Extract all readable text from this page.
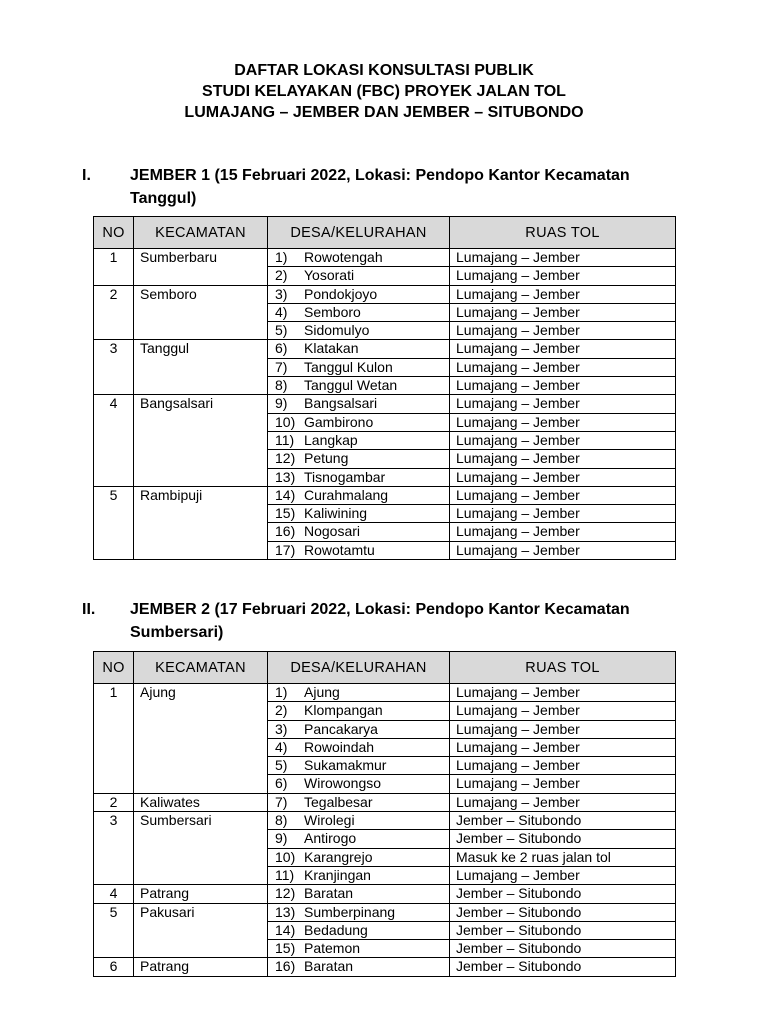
DAFTAR LOKASI KONSULTASI PUBLIK
STUDI KELAYAKAN (FBC) PROYEK JALAN TOL
LUMAJANG – JEMBER DAN JEMBER – SITUBONDO
I. JEMBER 1 (15 Februari 2022, Lokasi: Pendopo Kantor Kecamatan Tanggul)
NO	KECAMATAN	DESA/KELURAHAN	RUAS TOL
1	Sumberbaru	1) Rowotengah	Lumajang – Jember

		2) Yosorati	Lumajang – Jember
2	Semboro	3) Pondokjoyo	Lumajang – Jember

		4) Semboro	Lumajang – Jember

		5) Sidomulyo	Lumajang – Jember
3	Tanggul	6) Klatakan	Lumajang – Jember

		7) Tanggul Kulon	Lumajang – Jember

		8) Tanggul Wetan	Lumajang – Jember
4	Bangsalsari	9) Bangsalsari	Lumajang – Jember

		10) Gambirono	Lumajang – Jember

		11) Langkap	Lumajang – Jember

		12) Petung	Lumajang – Jember

		13) Tisnogambar	Lumajang – Jember
5	Rambipuji	14) Curahmalang	Lumajang – Jember

		15) Kaliwining	Lumajang – Jember

		16) Nogosari	Lumajang – Jember

		17) Rowotamtu	Lumajang – Jember
II. JEMBER 2 (17 Februari 2022, Lokasi: Pendopo Kantor Kecamatan Sumbersari)
NO	KECAMATAN	DESA/KELURAHAN	RUAS TOL
1	Ajung	1) Ajung	Lumajang – Jember

		2) Klompangan	Lumajang – Jember

		3) Pancakarya	Lumajang – Jember

		4) Rowoindah	Lumajang – Jember

		5) Sukamakmur	Lumajang – Jember

		6) Wirowongso	Lumajang – Jember
2	Kaliwates	7) Tegalbesar	Lumajang – Jember
3	Sumbersari	8) Wirolegi	Jember – Situbondo

		9) Antirogo	Jember – Situbondo

		10) Karangrejo	Masuk ke 2 ruas jalan tol

		11) Kranjingan	Lumajang – Jember
4	Patrang	12) Baratan	Jember – Situbondo
5	Pakusari	13) Sumberpinang	Jember – Situbondo

		14) Bedadung	Jember – Situbondo

		15) Patemon	Jember – Situbondo
6	Patrang	16) Baratan	Jember – Situbondo
